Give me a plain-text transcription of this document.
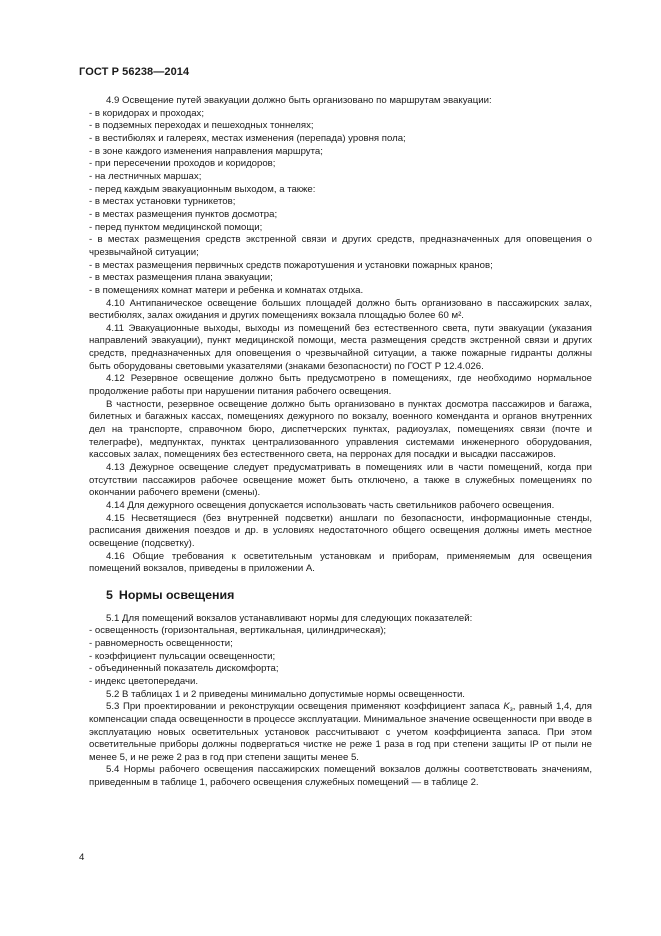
ГОСТ Р 56238—2014
4.9 Освещение путей эвакуации должно быть организовано по маршрутам эвакуации:
- в коридорах и проходах;
- в подземных переходах и пешеходных тоннелях;
- в вестибюлях и галереях, местах изменения (перепада) уровня пола;
- в зоне каждого изменения направления маршрута;
- при пересечении проходов и коридоров;
- на лестничных маршах;
- перед каждым эвакуационным выходом, а также:
- в местах установки турникетов;
- в местах размещения пунктов досмотра;
- перед пунктом медицинской помощи;
- в местах размещения средств экстренной связи и других средств, предназначенных для оповещения о чрезвычайной ситуации;
- в местах размещения первичных средств пожаротушения и установки пожарных кранов;
- в местах размещения плана эвакуации;
- в помещениях комнат матери и ребенка и комнатах отдыха.
4.10 Антипаническое освещение больших площадей должно быть организовано в пассажирских залах, вестибюлях, залах ожидания и других помещениях вокзала площадью более 60 м².
4.11 Эвакуационные выходы, выходы из помещений без естественного света, пути эвакуации (указания направлений эвакуации), пункт медицинской помощи, места размещения средств экстренной связи и других средств, предназначенных для оповещения о чрезвычайной ситуации, а также пожарные гидранты должны быть оборудованы световыми указателями (знаками безопасности) по ГОСТ Р 12.4.026.
4.12 Резервное освещение должно быть предусмотрено в помещениях, где необходимо нормальное продолжение работы при нарушении питания рабочего освещения.
В частности, резервное освещение должно быть организовано в пунктах досмотра пассажиров и багажа, билетных и багажных кассах, помещениях дежурного по вокзалу, военного коменданта и органов внутренних дел на транспорте, справочном бюро, диспетчерских пунктах, радиоузлах, помещениях связи (почте и телеграфе), медпунктах, пунктах централизованного управления системами инженерного оборудования, кассовых залах, помещениях без естественного света, на перронах для посадки и высадки пассажиров.
4.13 Дежурное освещение следует предусматривать в помещениях или в части помещений, когда при отсутствии пассажиров рабочее освещение может быть отключено, а также в служебных помещениях по окончании рабочего времени (смены).
4.14 Для дежурного освещения допускается использовать часть светильников рабочего освещения.
4.15 Несветящиеся (без внутренней подсветки) аншлаги по безопасности, информационные стенды, расписания движения поездов и др. в условиях недостаточного общего освещения должны иметь местное освещение (подсветку).
4.16 Общие требования к осветительным установкам и приборам, применяемым для освещения помещений вокзалов, приведены в приложении А.
5 Нормы освещения
5.1 Для помещений вокзалов устанавливают нормы для следующих показателей:
- освещенность (горизонтальная, вертикальная, цилиндрическая);
- равномерность освещенности;
- коэффициент пульсации освещенности;
- объединенный показатель дискомфорта;
- индекс цветопередачи.
5.2 В таблицах 1 и 2 приведены минимально допустимые нормы освещенности.
5.3 При проектировании и реконструкции освещения применяют коэффициент запаса $K_з$, равный 1,4, для компенсации спада освещенности в процессе эксплуатации. Минимальное значение освещенности при вводе в эксплуатацию новых осветительных установок рассчитывают с учетом коэффициента запаса. При этом осветительные приборы должны подвергаться чистке не реже 1 раза в год при степени защиты IP от пыли не менее 5, и не реже 2 раз в год при степени защиты менее 5.
5.4 Нормы рабочего освещения пассажирских помещений вокзалов должны соответствовать значениям, приведенным в таблице 1, рабочего освещения служебных помещений — в таблице 2.
4
